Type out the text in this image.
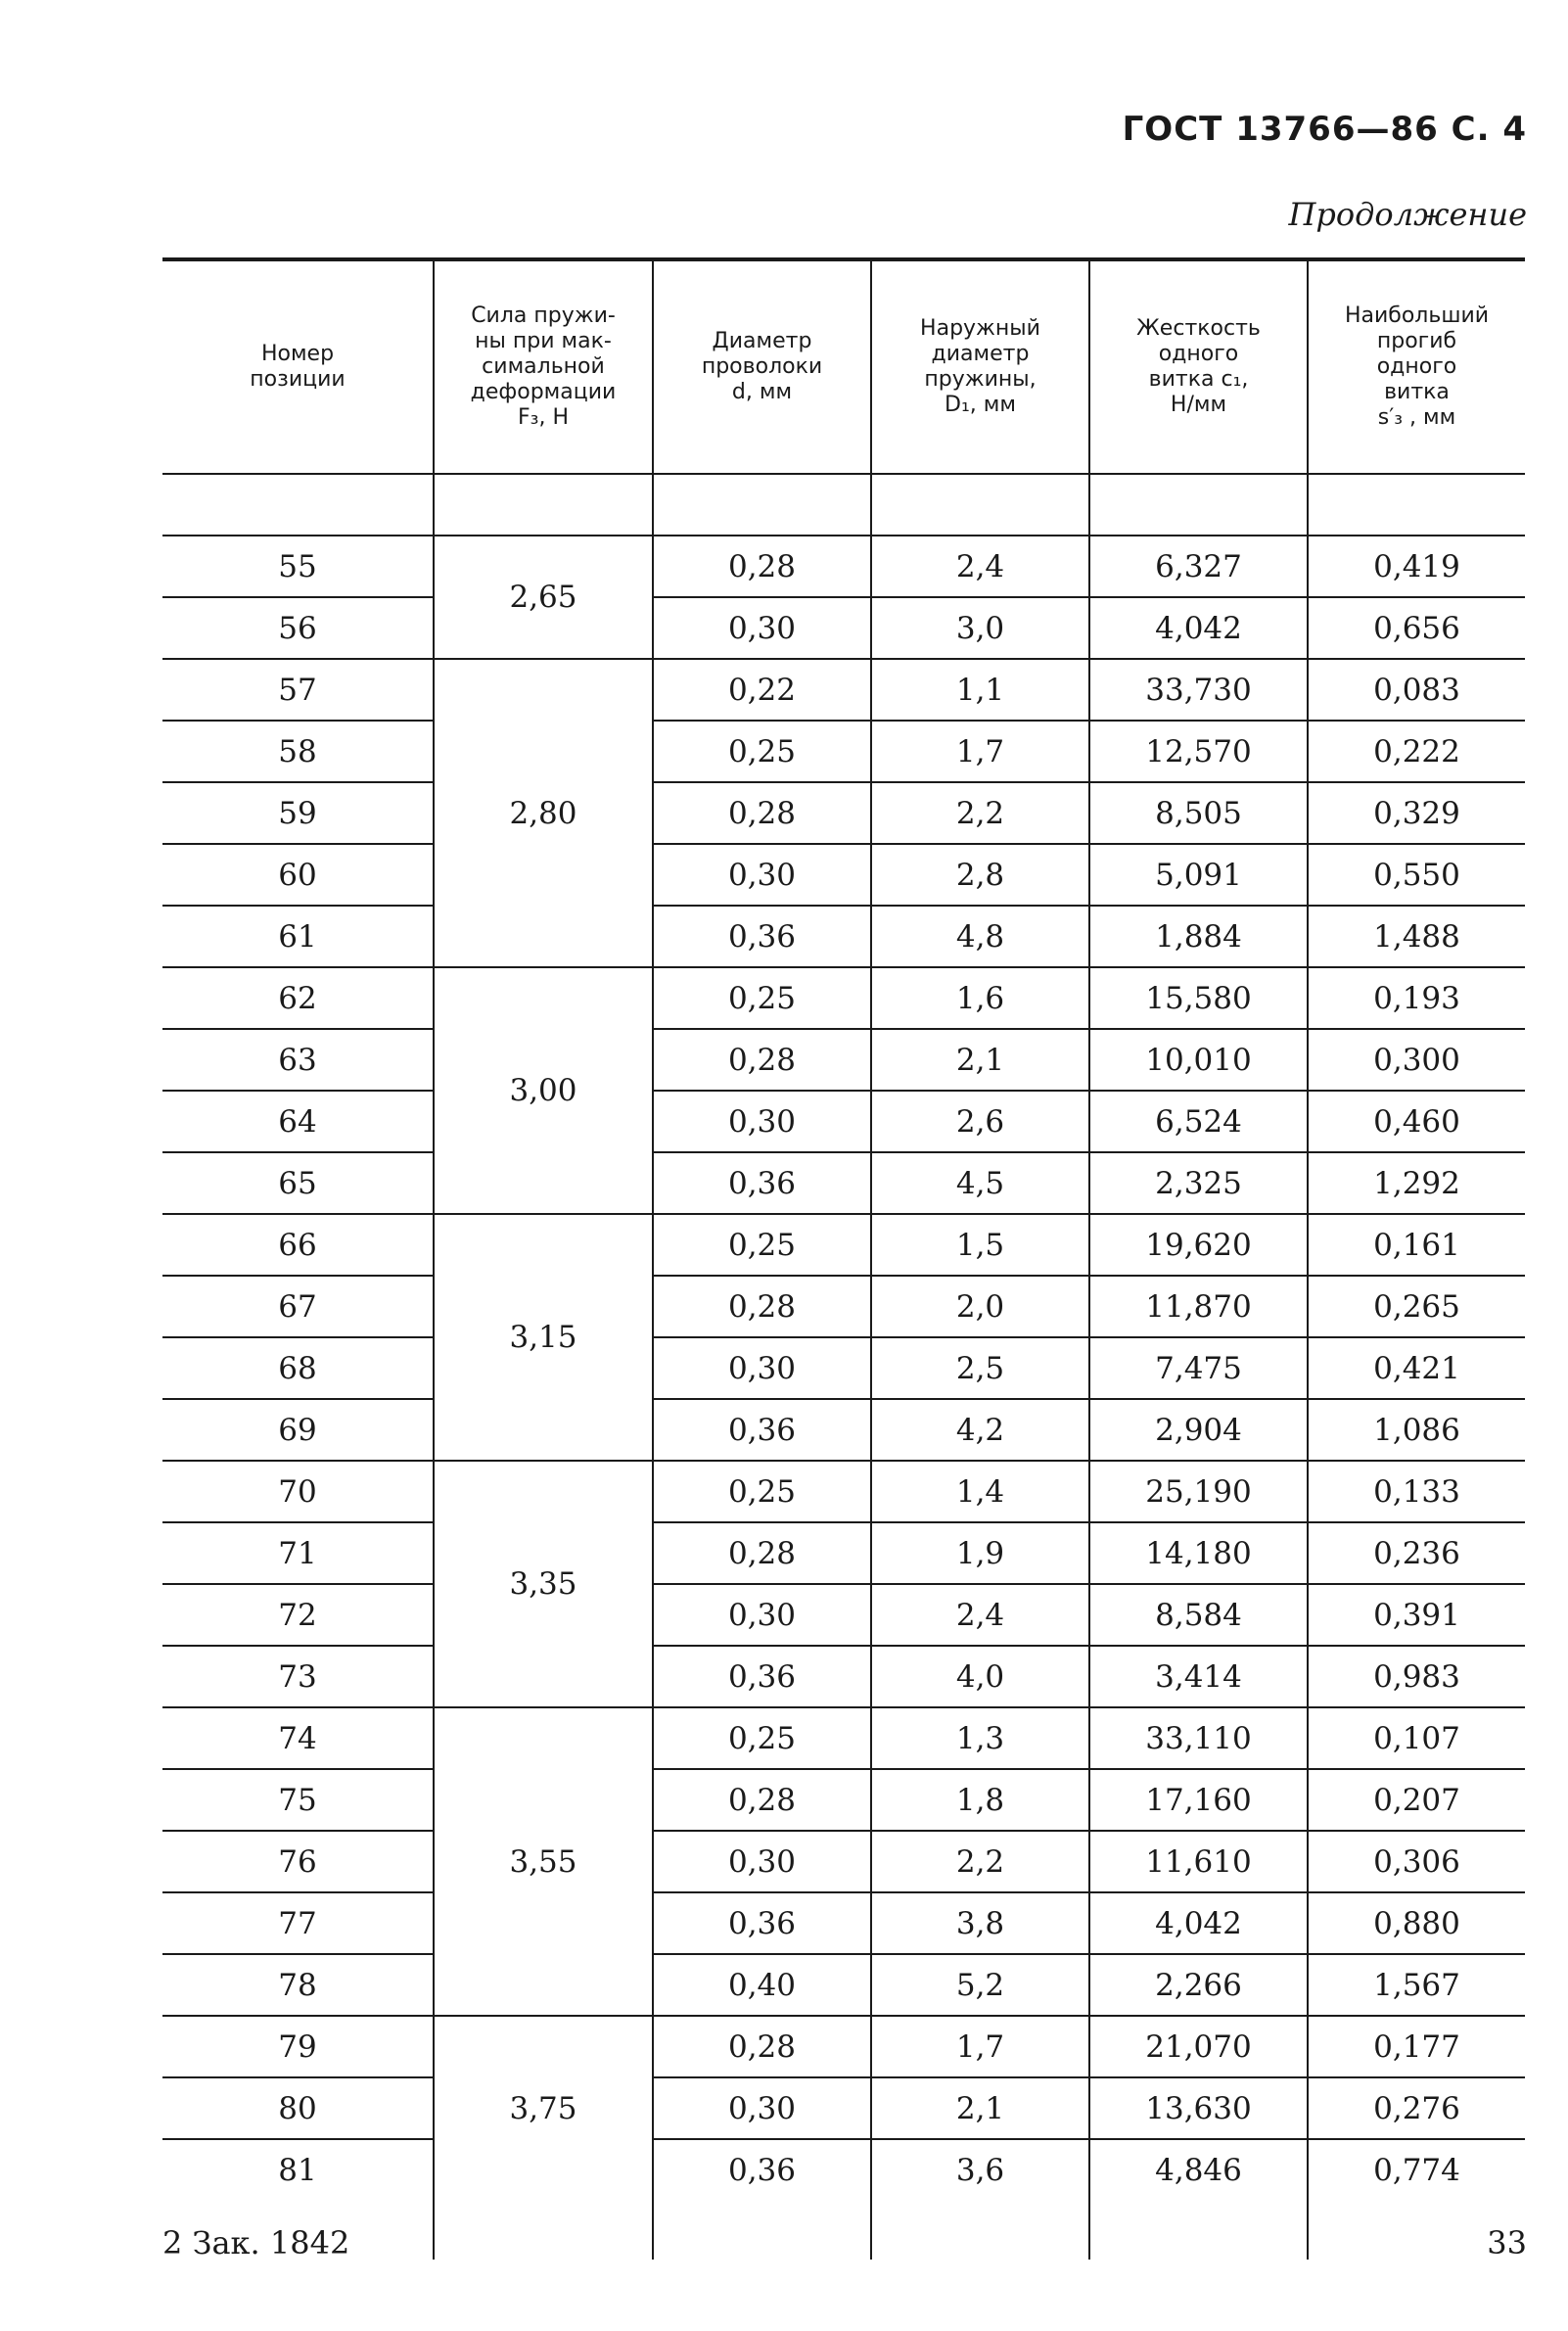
ГОСТ 13766—86 С. 4
Продолжение
Номер
позиции	Сила пружи-
ны при мак-
симальной
деформации
F₃, Н	Диаметр
проволоки
d, мм	Наружный
диаметр
пружины,
D₁, мм	Жесткость
одного
витка c₁,
Н/мм	Наибольший
прогиб
одного
витка
s′₃ , мм

55	2,65	0,28	2,4	6,327	0,419
56		0,30	3,0	4,042	0,656
57	2,80	0,22	1,1	33,730	0,083
58		0,25	1,7	12,570	0,222
59		0,28	2,2	8,505	0,329
60		0,30	2,8	5,091	0,550
61		0,36	4,8	1,884	1,488
62	3,00	0,25	1,6	15,580	0,193
63		0,28	2,1	10,010	0,300
64		0,30	2,6	6,524	0,460
65		0,36	4,5	2,325	1,292
66	3,15	0,25	1,5	19,620	0,161
67		0,28	2,0	11,870	0,265
68		0,30	2,5	7,475	0,421
69		0,36	4,2	2,904	1,086
70	3,35	0,25	1,4	25,190	0,133
71		0,28	1,9	14,180	0,236
72		0,30	2,4	8,584	0,391
73		0,36	4,0	3,414	0,983
74	3,55	0,25	1,3	33,110	0,107
75		0,28	1,8	17,160	0,207
76		0,30	2,2	11,610	0,306
77		0,36	3,8	4,042	0,880
78		0,40	5,2	2,266	1,567
79	3,75	0,28	1,7	21,070	0,177
80		0,30	2,1	13,630	0,276
81		0,36	3,6	4,846	0,774

2 Зак. 1842	33
